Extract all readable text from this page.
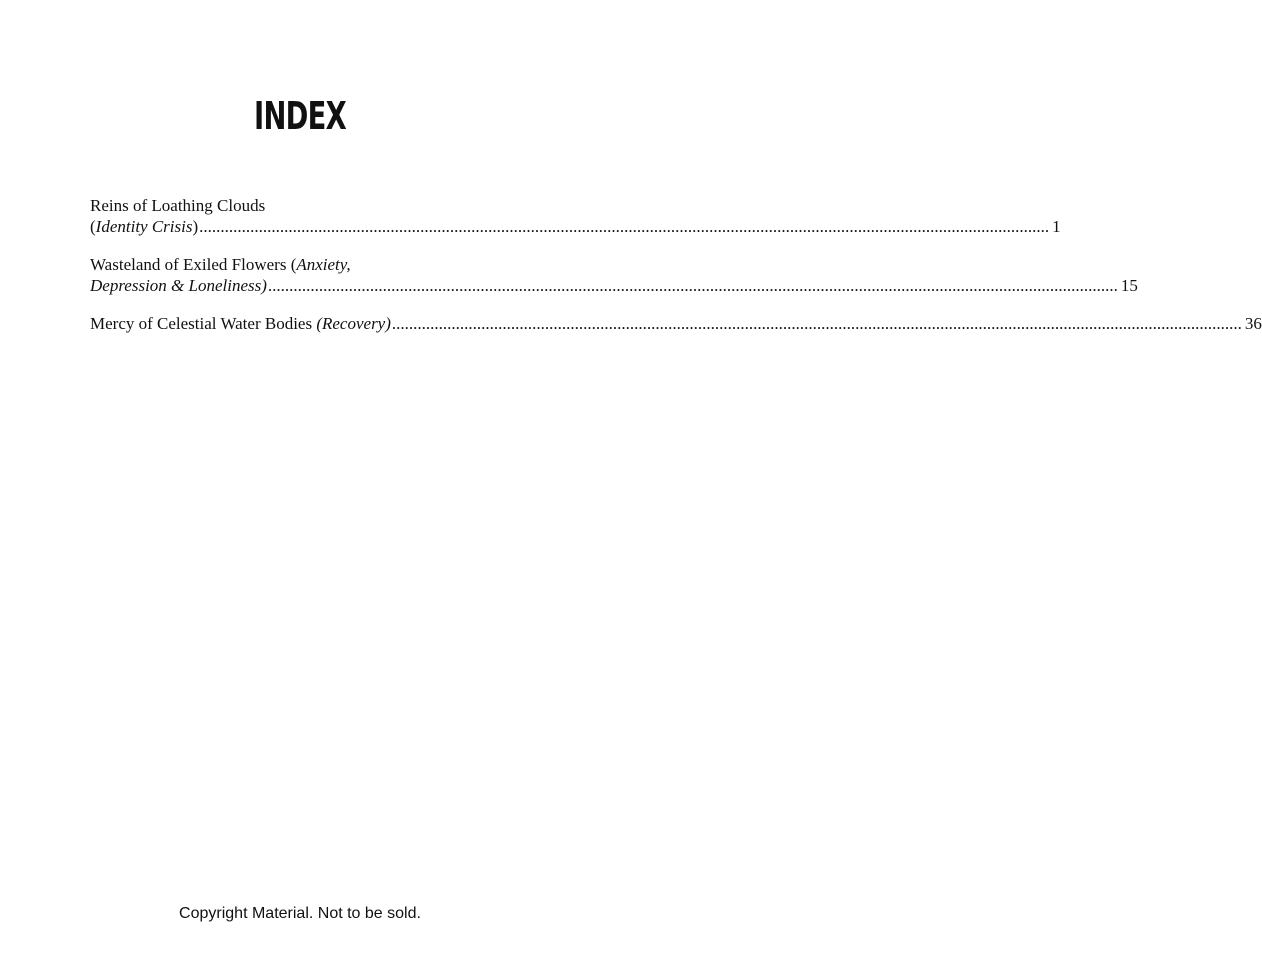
INDEX
Reins of Loathing Clouds
(Identity Crisis) ........................................................................................................................................................................................................ 1
Wasteland of Exiled Flowers (Anxiety,
Depression & Loneliness) ........................................................................................................................................................................................................ 15
Mercy of Celestial Water Bodies (Recovery) ........................................................................................................................................................................................................ 36
Copyright Material. Not to be sold.
